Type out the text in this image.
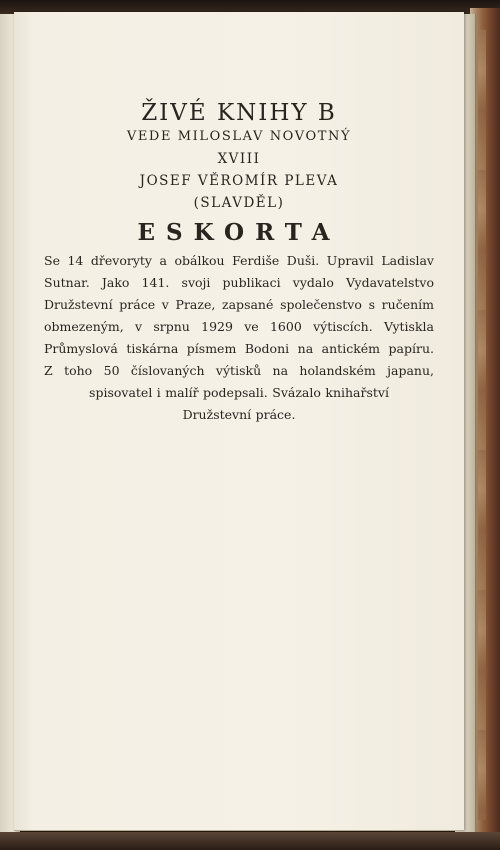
ŽIVÉ KNIHY B

VEDE MILOSLAV NOVOTNÝ

XVIII

JOSEF VĚROMÍR PLEVA

(SLAVDĚL)

ESKORTA

Se 14 dřevoryty a obálkou Ferdiše Duši. Upravil Ladislav
Sutnar. Jako 141. svoji publikaci vydalo Vydavatelstvo
Družstevní práce v Praze, zapsané společenstvo s ručením
obmezeným, v srpnu 1929 ve 1600 výtiscích. Vytiskla
Průmyslová tiskárna písmem Bodoni na antickém papíru.
Z toho 50 číslovaných výtisků na holandském japanu,
spisovatel i malíř podepsali. Svázalo knihařství
Družstevní práce.
